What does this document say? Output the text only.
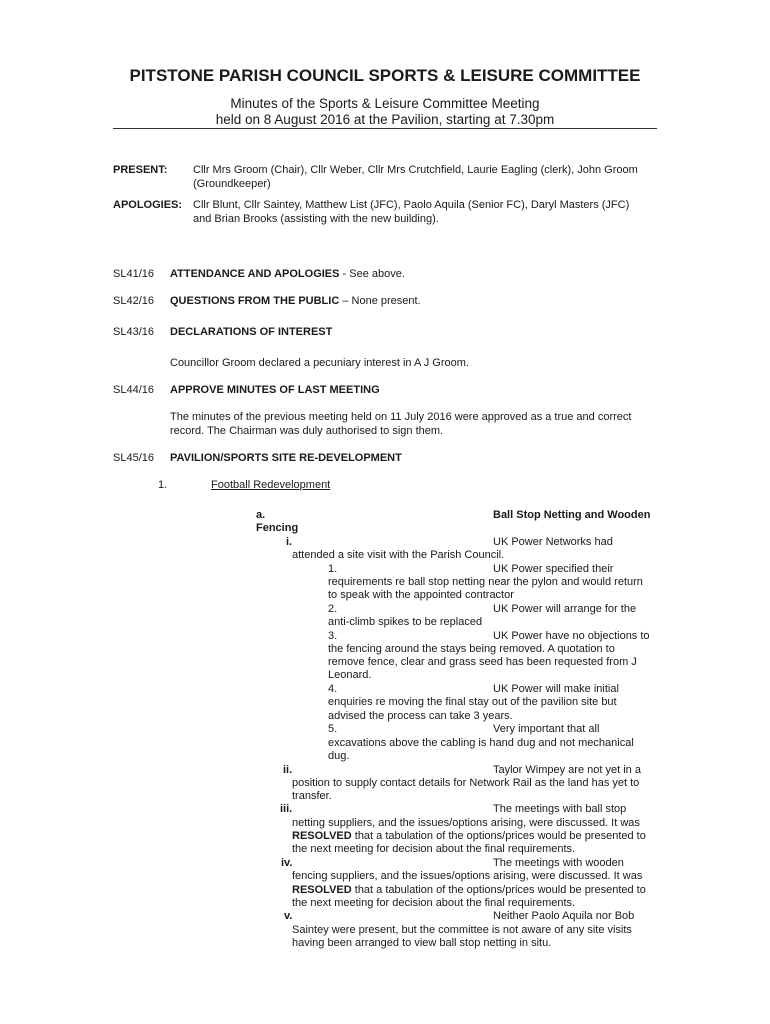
PITSTONE PARISH COUNCIL SPORTS & LEISURE COMMITTEE
Minutes of the Sports & Leisure Committee Meeting
held on 8 August 2016 at the Pavilion, starting at 7.30pm
PRESENT: Cllr Mrs Groom (Chair), Cllr Weber, Cllr Mrs Crutchfield, Laurie Eagling (clerk), John Groom
(Groundkeeper)
APOLOGIES: Cllr Blunt, Cllr Saintey, Matthew List (JFC), Paolo Aquila (Senior FC), Daryl Masters (JFC)
and Brian Brooks (assisting with the new building).
SL41/16 ATTENDANCE AND APOLOGIES - See above.
SL42/16 QUESTIONS FROM THE PUBLIC – None present.
SL43/16 DECLARATIONS OF INTEREST
Councillor Groom declared a pecuniary interest in A J Groom.
SL44/16 APPROVE MINUTES OF LAST MEETING
The minutes of the previous meeting held on 11 July 2016 were approved as a true and correct
record. The Chairman was duly authorised to sign them.
SL45/16 PAVILION/SPORTS SITE RE-DEVELOPMENT
1.	Football Redevelopment
a.	Ball Stop Netting and Wooden
Fencing
i.	UK Power Networks had
attended a site visit with the Parish Council.
1.	UK Power specified their
requirements re ball stop netting near the pylon and would return
to speak with the appointed contractor
2.	UK Power will arrange for the
anti-climb spikes to be replaced
3.	UK Power have no objections to
the fencing around the stays being removed. A quotation to
remove fence, clear and grass seed has been requested from J
Leonard.
4.	UK Power will make initial
enquiries re moving the final stay out of the pavilion site but
advised the process can take 3 years.
5.	Very important that all
excavations above the cabling is hand dug and not mechanical
dug.
ii.	Taylor Wimpey are not yet in a
position to supply contact details for Network Rail as the land has yet to
transfer.
iii.	The meetings with ball stop
netting suppliers, and the issues/options arising, were discussed. It was
RESOLVED that a tabulation of the options/prices would be presented to
the next meeting for decision about the final requirements.
iv.	The meetings with wooden
fencing suppliers, and the issues/options arising, were discussed. It was
RESOLVED that a tabulation of the options/prices would be presented to
the next meeting for decision about the final requirements.
v.	Neither Paolo Aquila nor Bob
Saintey were present, but the committee is not aware of any site visits
having been arranged to view ball stop netting in situ.
